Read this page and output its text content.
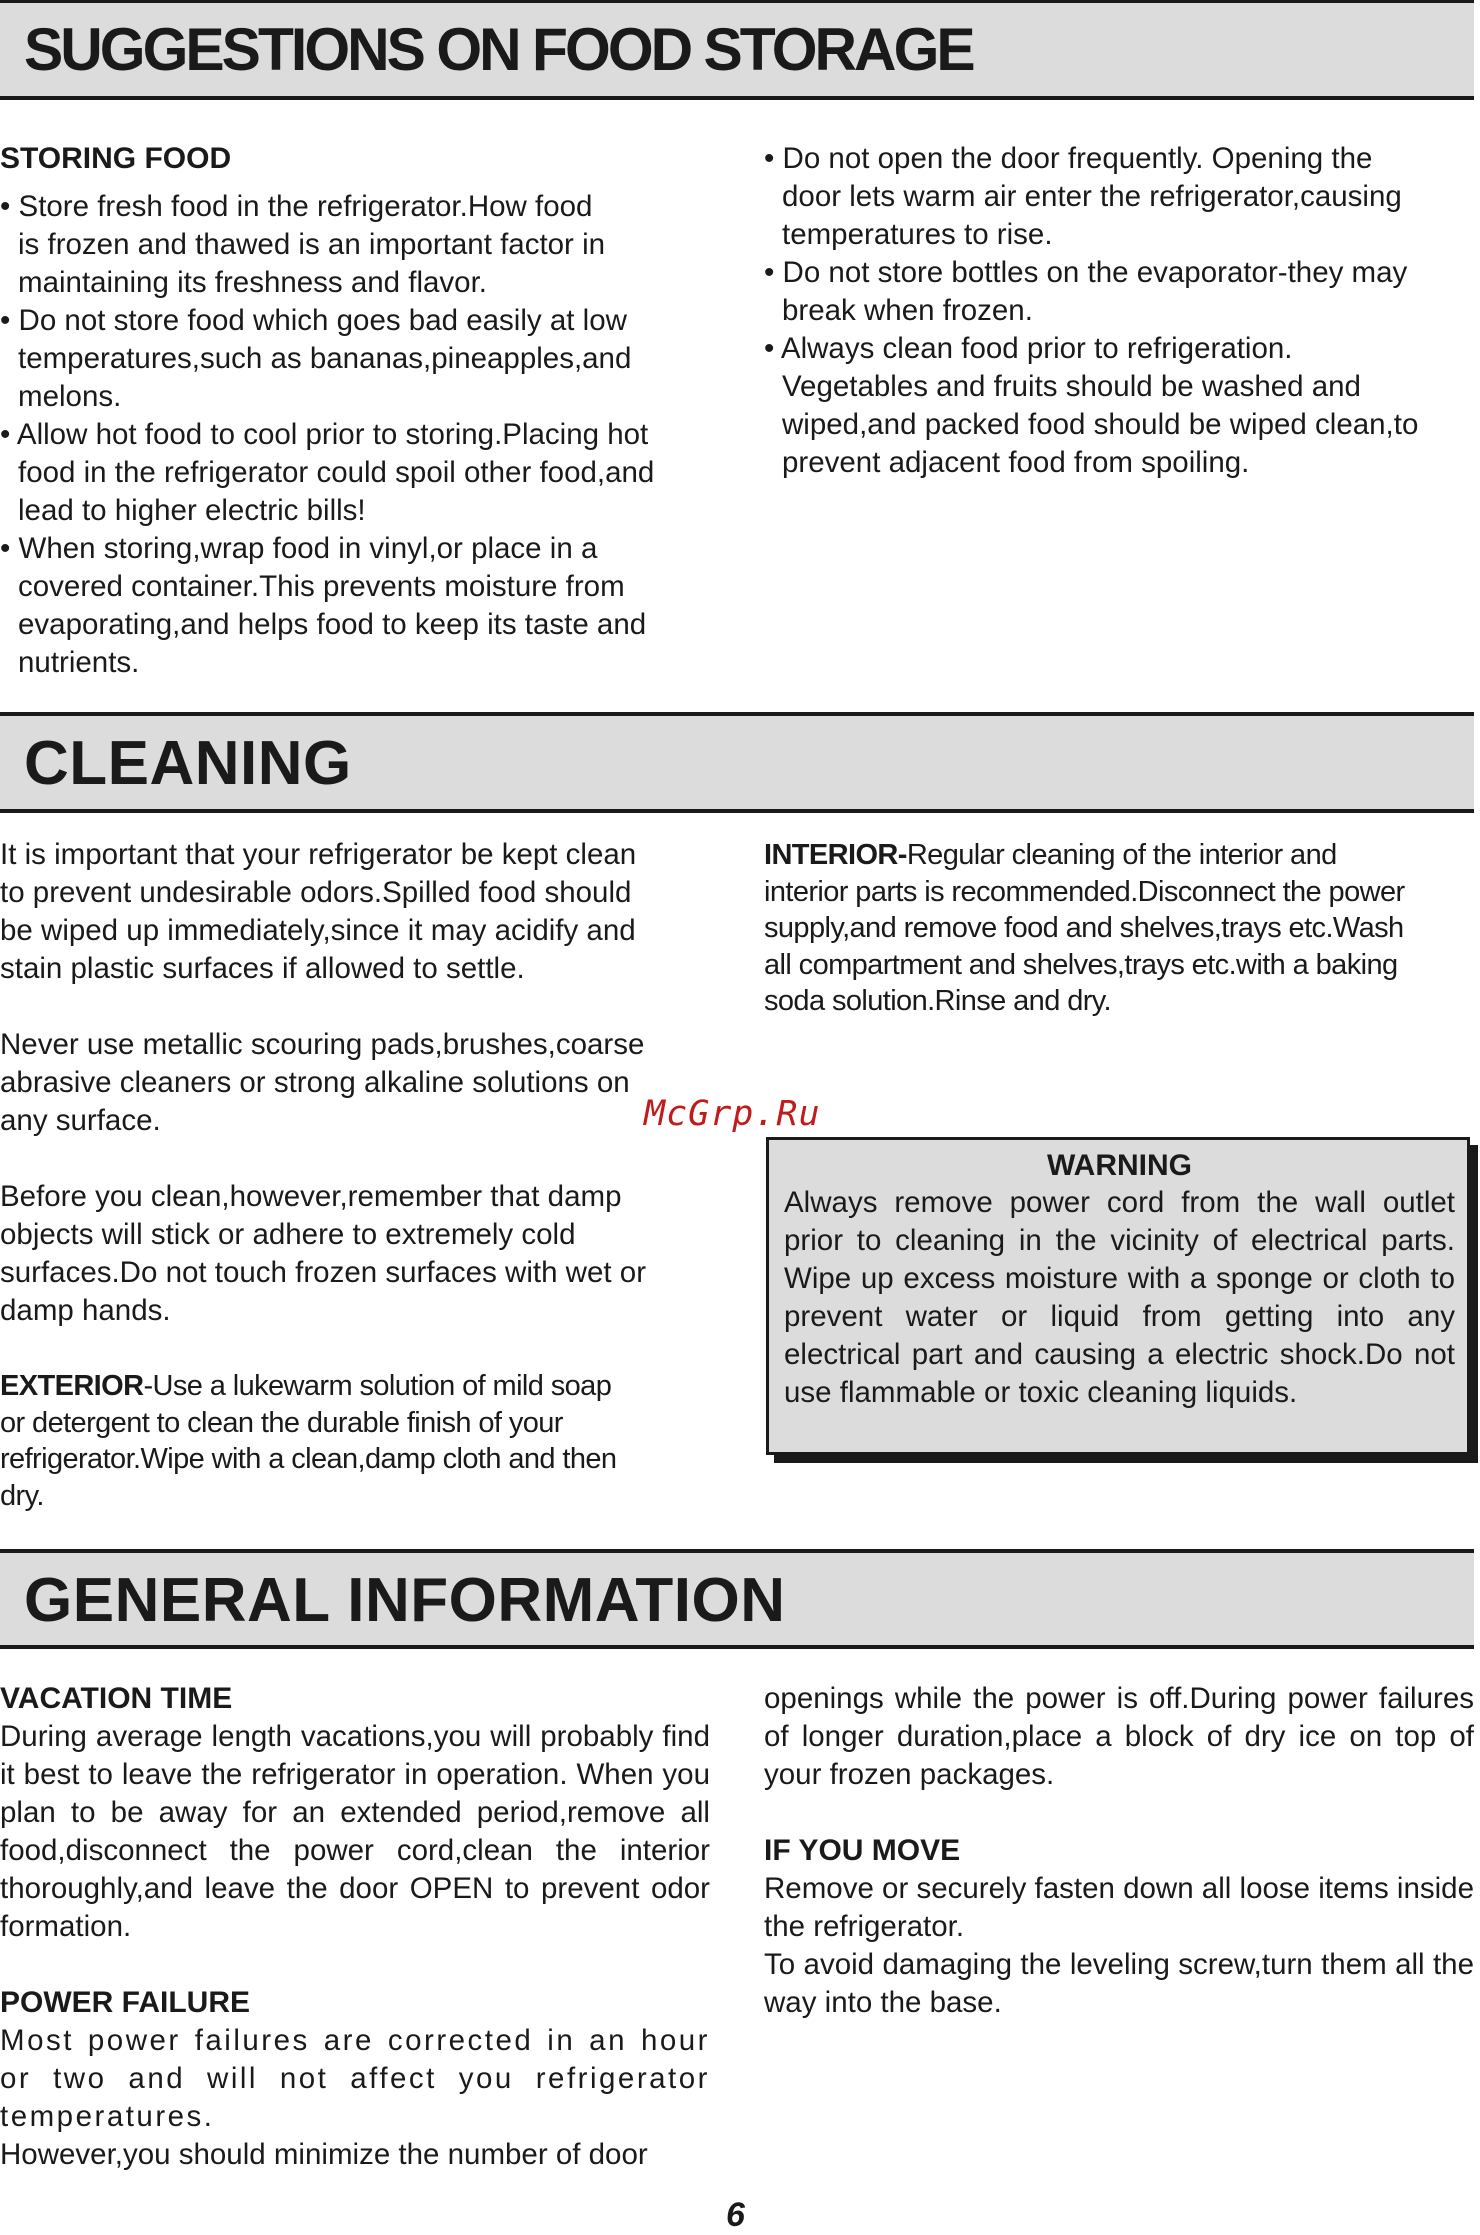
SUGGESTIONS ON FOOD STORAGE

STORING FOOD

• Store fresh food in the refrigerator.How food
is frozen and thawed is an important factor in
maintaining its freshness and flavor.
• Do not store food which goes bad easily at low
temperatures,such as bananas,pineapples,and
melons.
• Allow hot food to cool prior to storing.Placing hot
food in the refrigerator could spoil other food,and
lead to higher electric bills!
• When storing,wrap food in vinyl,or place in a
covered container.This prevents moisture from
evaporating,and helps food to keep its taste and
nutrients.
• Do not open the door frequently. Opening the
door lets warm air enter the refrigerator,causing
temperatures to rise.
• Do not store bottles on the evaporator-they may
break when frozen.
• Always clean food prior to refrigeration.
Vegetables and fruits should be washed and
wiped,and packed food should be wiped clean,to
prevent adjacent food from spoiling.
CLEANING
It is important that your refrigerator be kept clean
to prevent undesirable odors.Spilled food should
be wiped up immediately,since it may acidify and
stain plastic surfaces if allowed to settle.
Never use metallic scouring pads,brushes,coarse
abrasive cleaners or strong alkaline solutions on
any surface.
Before you clean,however,remember that damp
objects will stick or adhere to extremely cold
surfaces.Do not touch frozen surfaces with wet or
damp hands.
EXTERIOR-Use a lukewarm solution of mild soap
or detergent to clean the durable finish of your
refrigerator.Wipe with a clean,damp cloth and then
dry.
INTERIOR-Regular cleaning of the interior and
interior parts is recommended.Disconnect the power
supply,and remove food and shelves,trays etc.Wash
all compartment and shelves,trays etc.with a baking
soda solution.Rinse and dry.
McGrp.Ru
WARNING
Always remove power cord from the wall outlet prior to cleaning in the vicinity of electrical parts. Wipe up excess moisture with a sponge or cloth to prevent water or liquid from getting into any electrical part and causing a electric shock.Do not use flammable or toxic cleaning liquids.
GENERAL INFORMATION

VACATION TIME

During average length vacations,you will probably find it best to leave the refrigerator in operation. When you plan to be away for an extended period,remove all food,disconnect the power cord,clean the interior thoroughly,and leave the door OPEN to prevent odor formation.

POWER FAILURE

Most power failures are corrected in an hour or two and will not affect you refrigerator temperatures.

However,you should minimize the number of door

openings while the power is off.During power failures of longer duration,place a block of dry ice on top of your frozen packages.

IF YOU MOVE

Remove or securely fasten down all loose items inside the refrigerator.

To avoid damaging the leveling screw,turn them all the way into the base.

6
